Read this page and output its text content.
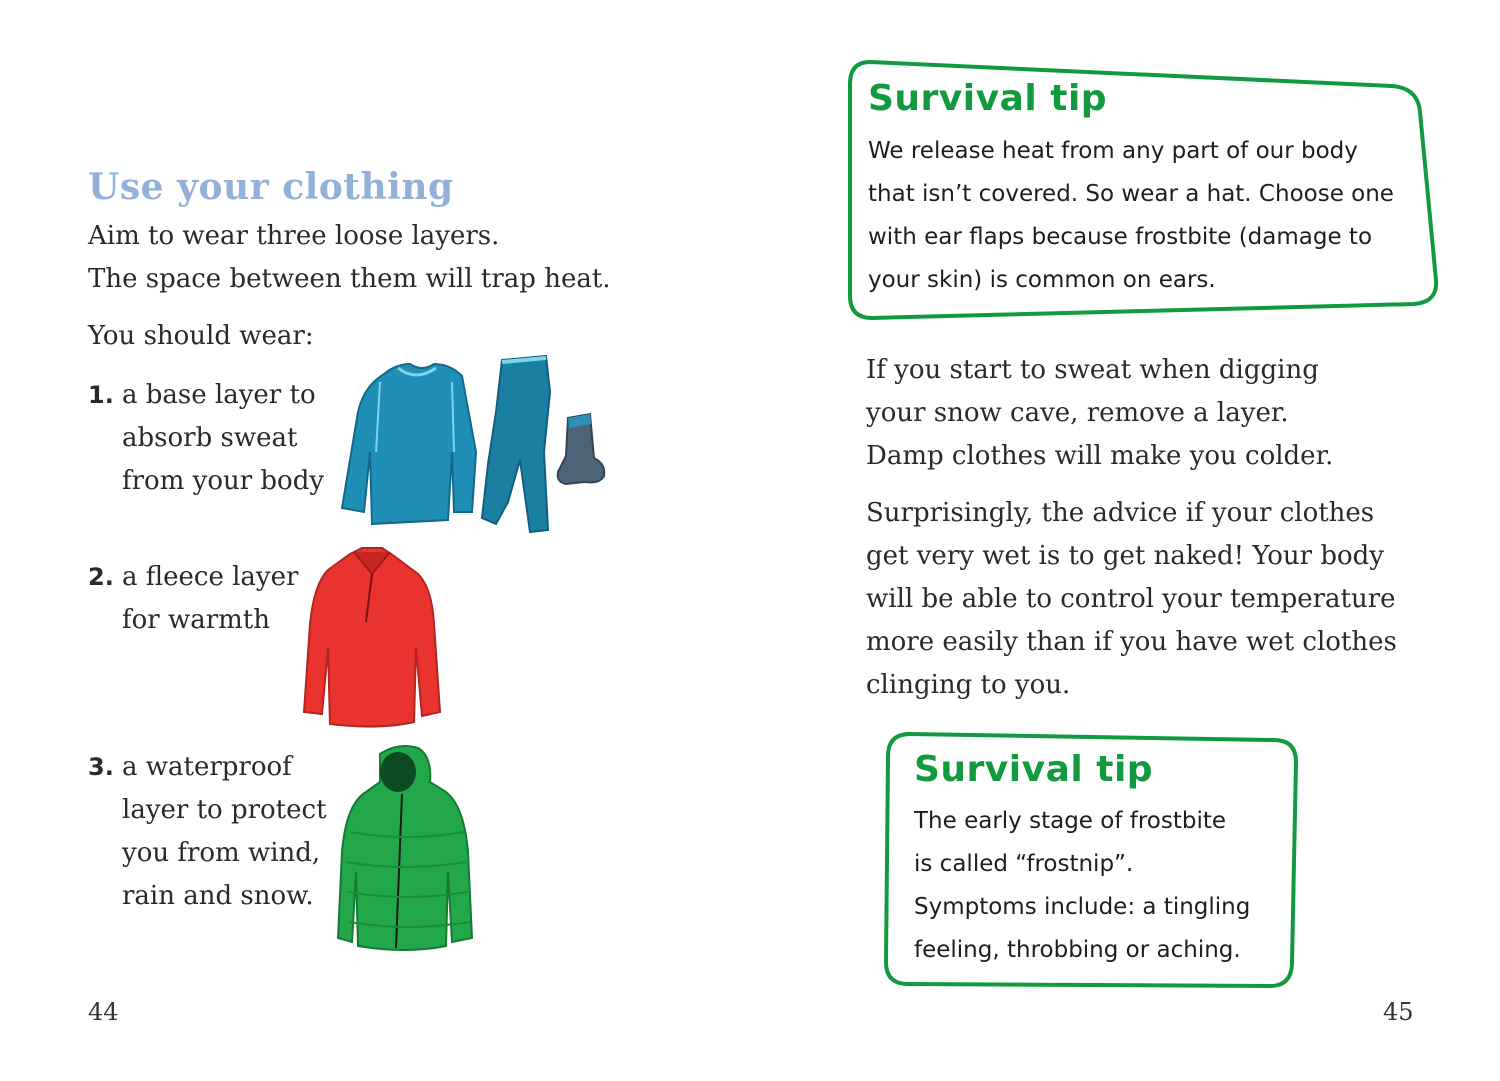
Use your clothing
Aim to wear three loose layers.
The space between them will trap heat.
You should wear:
1. a base layer to
absorb sweat
from your body
2. a fleece layer
for warmth
3. a waterproof
layer to protect
you from wind,
rain and snow.
44
Survival tip
We release heat from any part of our body
that isn’t covered. So wear a hat. Choose one
with ear flaps because frostbite (damage to
your skin) is common on ears.
If you start to sweat when digging
your snow cave, remove a layer.
Damp clothes will make you colder.
Surprisingly, the advice if your clothes
get very wet is to get naked! Your body
will be able to control your temperature
more easily than if you have wet clothes
clinging to you.
Survival tip
The early stage of frostbite
is called “frostnip”.
Symptoms include: a tingling
feeling, throbbing or aching.
45
